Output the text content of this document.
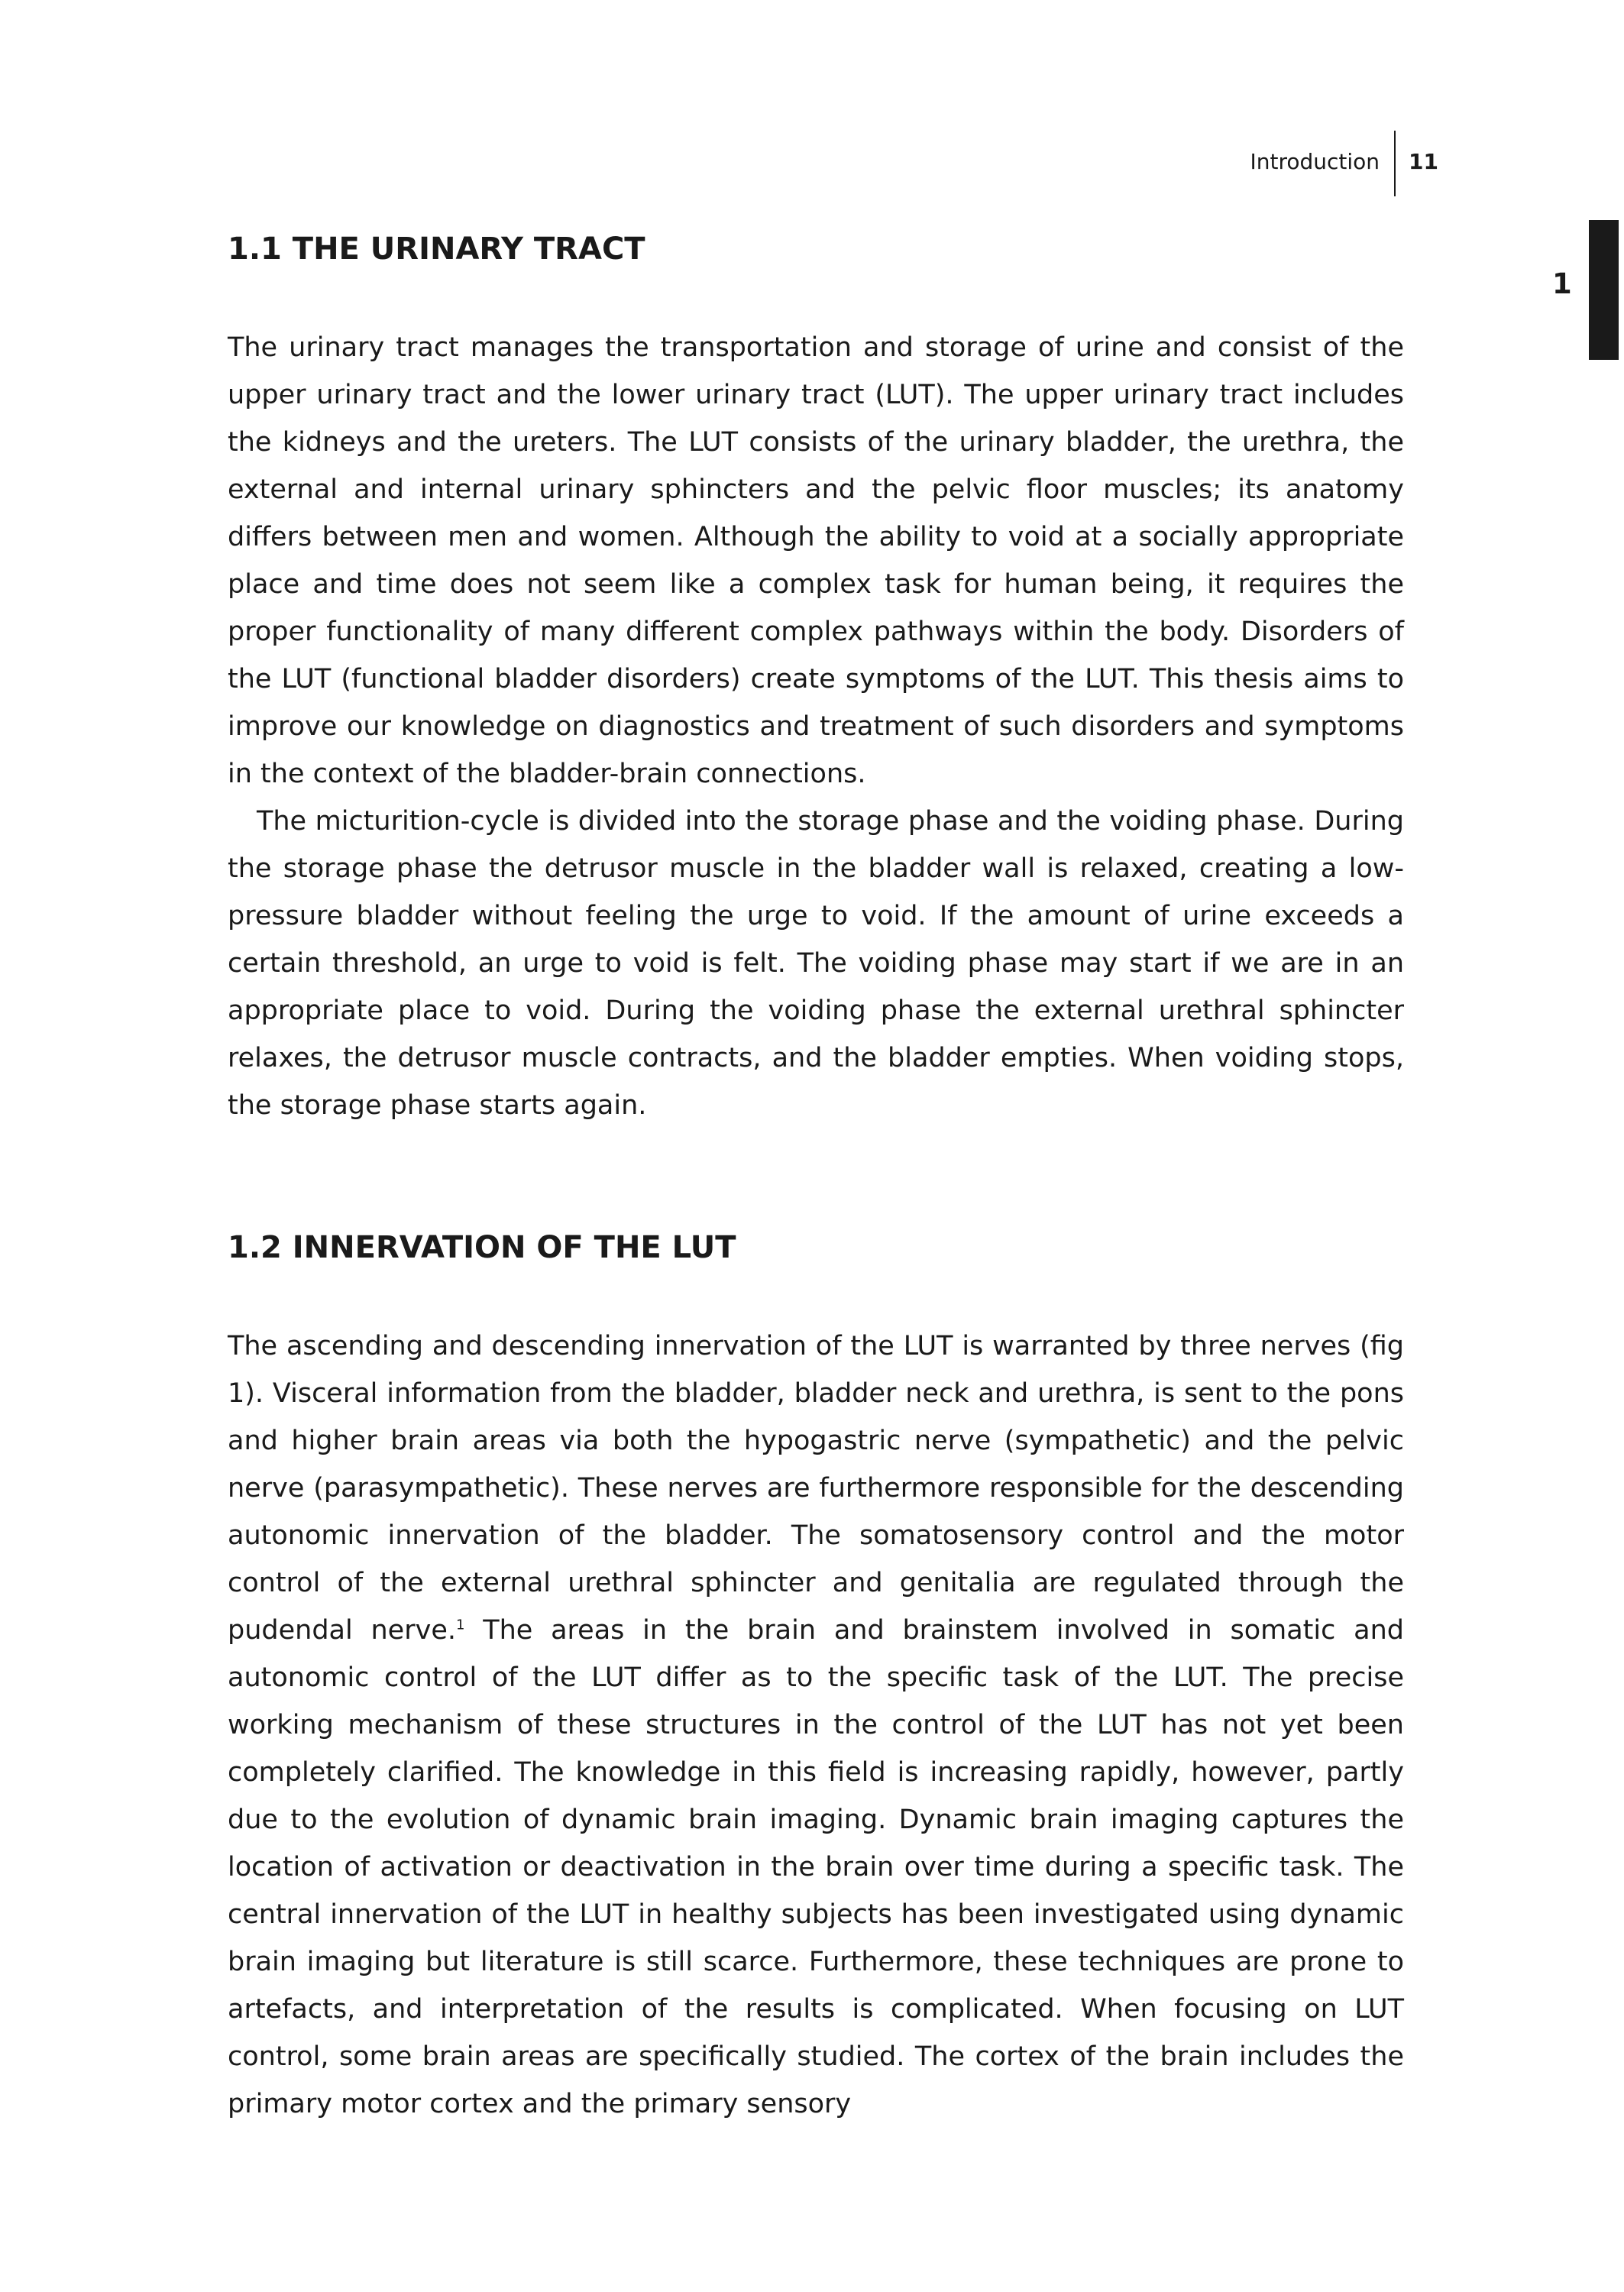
Introduction	11
1
1.1 THE URINARY TRACT

The urinary tract manages the transportation and storage of urine and consist of the upper urinary tract and the lower urinary tract (LUT). The upper urinary tract includes the kidneys and the ureters. The LUT consists of the urinary bladder, the urethra, the external and internal urinary sphincters and the pelvic floor muscles; its anatomy differs between men and women. Although the ability to void at a socially appropriate place and time does not seem like a complex task for human being, it requires the proper functionality of many different complex pathways within the body. Disorders of the LUT (functional bladder disorders) create symptoms of the LUT. This thesis aims to improve our knowledge on diagnostics and treatment of such disorders and symptoms in the context of the bladder-brain connections.

The micturition-cycle is divided into the storage phase and the voiding phase. During the storage phase the detrusor muscle in the bladder wall is relaxed, creating a low-pressure bladder without feeling the urge to void. If the amount of urine exceeds a certain threshold, an urge to void is felt. The voiding phase may start if we are in an appropriate place to void. During the voiding phase the external urethral sphincter relaxes, the detrusor muscle contracts, and the bladder empties. When voiding stops, the storage phase starts again.

1.2 INNERVATION OF THE LUT

The ascending and descending innervation of the LUT is warranted by three nerves (fig 1). Visceral information from the bladder, bladder neck and urethra, is sent to the pons and higher brain areas via both the hypogastric nerve (sympathetic) and the pelvic nerve (parasympathetic). These nerves are furthermore responsible for the descending autonomic innervation of the bladder. The somatosensory control and the motor control of the external urethral sphincter and genitalia are regulated through the pudendal nerve.$^1$ The areas in the brain and brainstem involved in somatic and autonomic control of the LUT differ as to the specific task of the LUT. The precise working mechanism of these structures in the control of the LUT has not yet been completely clarified. The knowledge in this field is increasing rapidly, however, partly due to the evolution of dynamic brain imaging. Dynamic brain imaging captures the location of activation or deactivation in the brain over time during a specific task. The central innervation of the LUT in healthy subjects has been investigated using dynamic brain imaging but literature is still scarce. Furthermore, these techniques are prone to artefacts, and interpretation of the results is complicated. When focusing on LUT control, some brain areas are specifically studied. The cortex of the brain includes the primary motor cortex and the primary sensory
